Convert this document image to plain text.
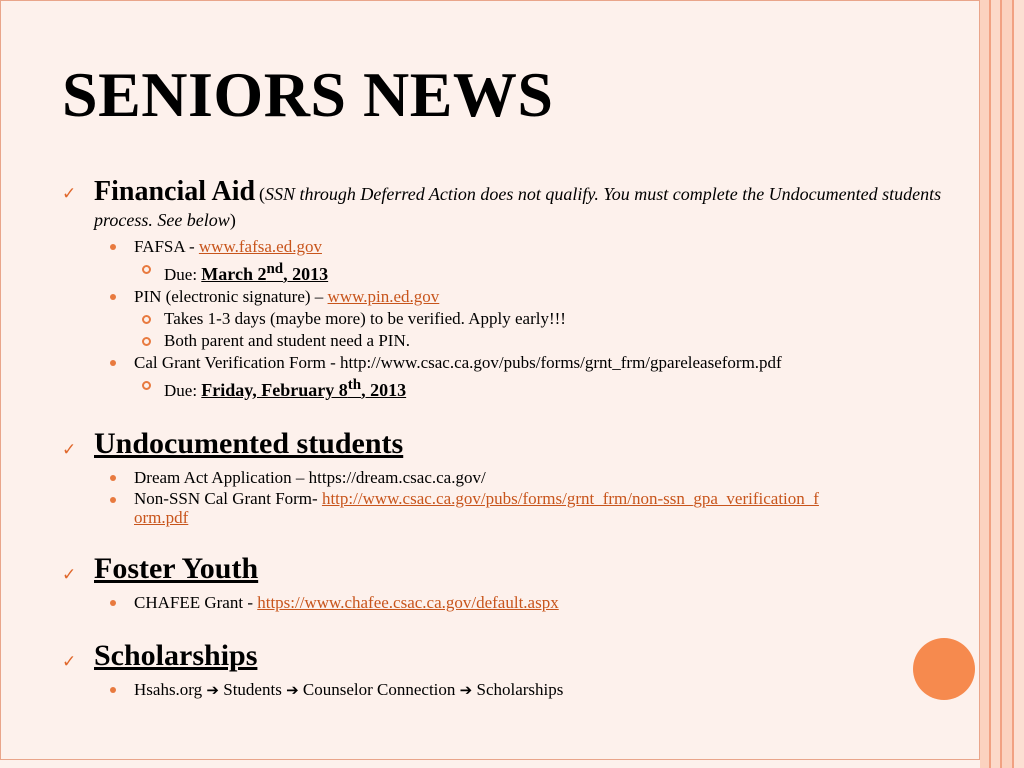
SENIORS NEWS

✓ Financial Aid (SSN through Deferred Action does not qualify. You must complete the Undocumented students process. See below)

FAFSA - www.fafsa.ed.gov

Due: March 2nd, 2013

PIN (electronic signature) – www.pin.ed.gov

Takes 1-3 days (maybe more) to be verified. Apply early!!!

Both parent and student need a PIN.

Cal Grant Verification Form - http://www.csac.ca.gov/pubs/forms/grnt_frm/gpareleaseform.pdf

Due: Friday, February 8th, 2013

✓ Undocumented students

Dream Act Application – https://dream.csac.ca.gov/

Non-SSN Cal Grant Form- http://www.csac.ca.gov/pubs/forms/grnt_frm/non-ssn_gpa_verification_form.pdf

✓ Foster Youth

CHAFEE Grant - https://www.chafee.csac.ca.gov/default.aspx

✓ Scholarships

Hsahs.org ➔ Students ➔ Counselor Connection ➔ Scholarships
